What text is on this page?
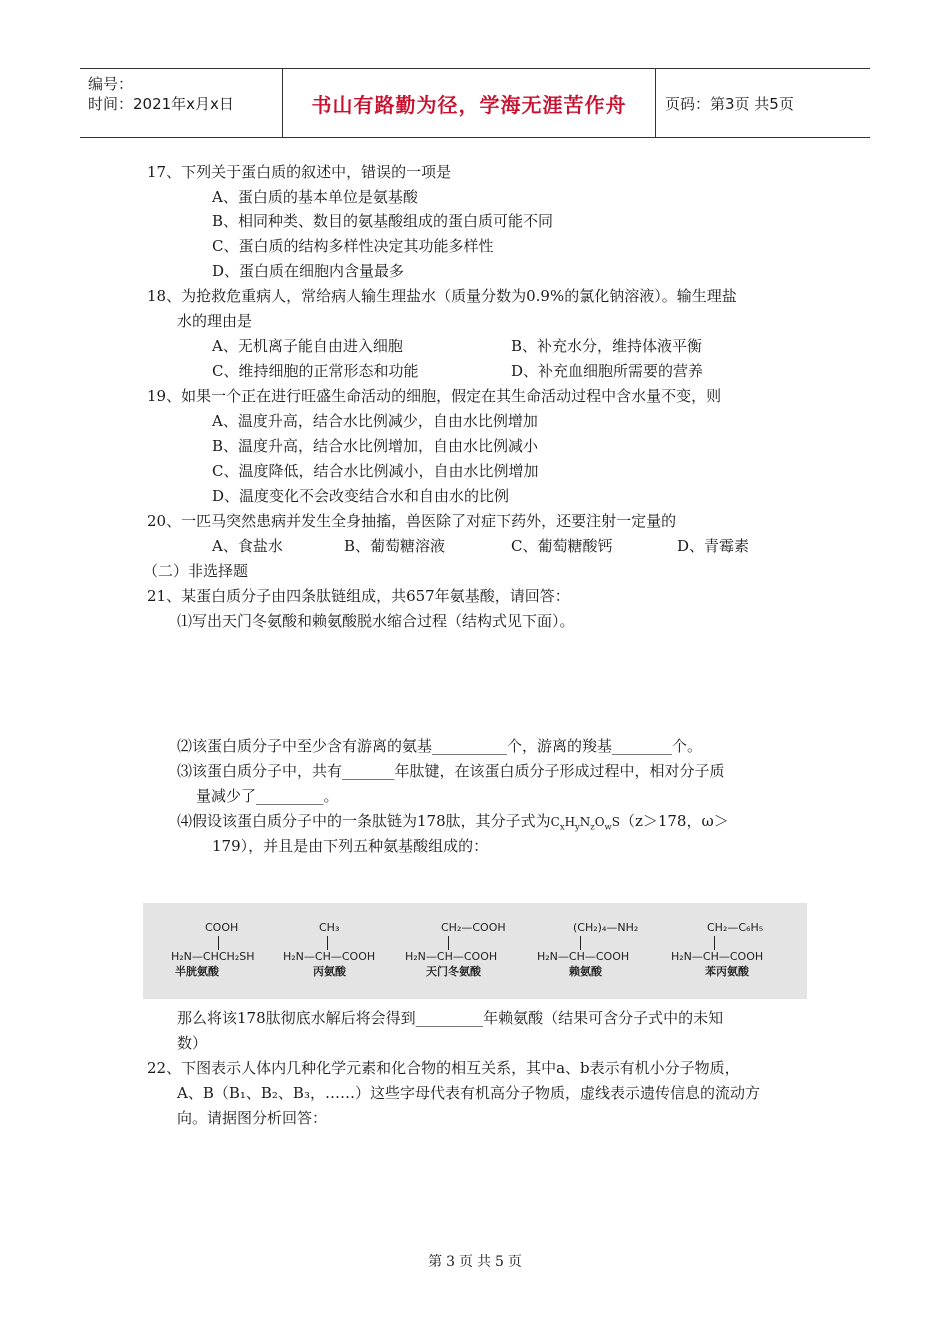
编号：
时间：2021年x月x日	书山有路勤为径，学海无涯苦作舟	页码：第3页 共5页
17、下列关于蛋白质的叙述中，错误的一项是
A、蛋白质的基本单位是氨基酸
B、相同种类、数目的氨基酸组成的蛋白质可能不同
C、蛋白质的结构多样性决定其功能多样性
D、蛋白质在细胞内含量最多
18、为抢救危重病人，常给病人输生理盐水（质量分数为0.9%的氯化钠溶液）。输生理盐
水的理由是
A、无机离子能自由进入细胞	B、补充水分，维持体液平衡
C、维持细胞的正常形态和功能	D、补充血细胞所需要的营养
19、如果一个正在进行旺盛生命活动的细胞，假定在其生命活动过程中含水量不变，则
A、温度升高，结合水比例减少，自由水比例增加
B、温度升高，结合水比例增加，自由水比例减小
C、温度降低，结合水比例减小，自由水比例增加
D、温度变化不会改变结合水和自由水的比例
20、一匹马突然患病并发生全身抽搐，兽医除了对症下药外，还要注射一定量的
A、食盐水	B、葡萄糖溶液	C、葡萄糖酸钙	D、青霉素
（二）非选择题
21、某蛋白质分子由四条肽链组成，共657年氨基酸，请回答：
⑴写出天门冬氨酸和赖氨酸脱水缩合过程（结构式见下面）。
⑵该蛋白质分子中至少含有游离的氨基__________个，游离的羧基________个。
⑶该蛋白质分子中，共有_______年肽键，在该蛋白质分子形成过程中，相对分子质
量减少了_________。
⑷假设该蛋白质分子中的一条肽链为178肽，其分子式为$C_xH_yN_zO_wS(z>178$，ω＞
179），并且是由下列五种氨基酸组成的：
COOH
H₂N—CHCH₂SH
半胱氨酸
CH₃
H₂N—CH—COOH
丙氨酸
CH₂—COOH
H₂N—CH—COOH
天门冬氨酸
(CH₂)₄—NH₂
H₂N—CH—COOH
赖氨酸
CH₂—C₆H₅
H₂N—CH—COOH
苯丙氨酸
那么将该178肽彻底水解后将会得到_________年赖氨酸（结果可含分子式中的未知
数）
22、下图表示人体内几种化学元素和化合物的相互关系，其中a、b表示有机小分子物质，
A、B（B₁、B₂、B₃，……）这些字母代表有机高分子物质，虚线表示遗传信息的流动方
向。请据图分析回答：
第 3 页 共 5 页
